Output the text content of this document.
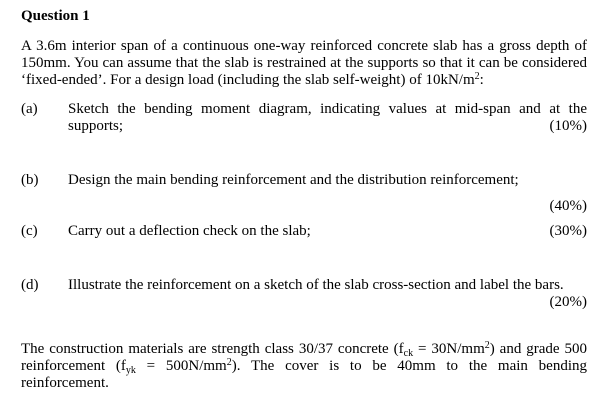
Question 1
A 3.6m interior span of a continuous one-way reinforced concrete slab has a gross depth of 150mm. You can assume that the slab is restrained at the supports so that it can be considered ‘fixed-ended’. For a design load (including the slab self-weight) of $10kN/m^2$:
(a) Sketch the bending moment diagram, indicating values at mid-span and at the supports;	(10%)
(b) Design the main bending reinforcement and the distribution reinforcement;
(40%)
(c) Carry out a deflection check on the slab;	(30%)
(d) Illustrate the reinforcement on a sketch of the slab cross-section and label the bars.
(20%)
The construction materials are strength class 30/37 concrete $(f_{ck} = 30N/mm^2)$ and grade 500 reinforcement $(f_{yk} = 500N/mm^2)$. The cover is to be 40mm to the main bending reinforcement.
